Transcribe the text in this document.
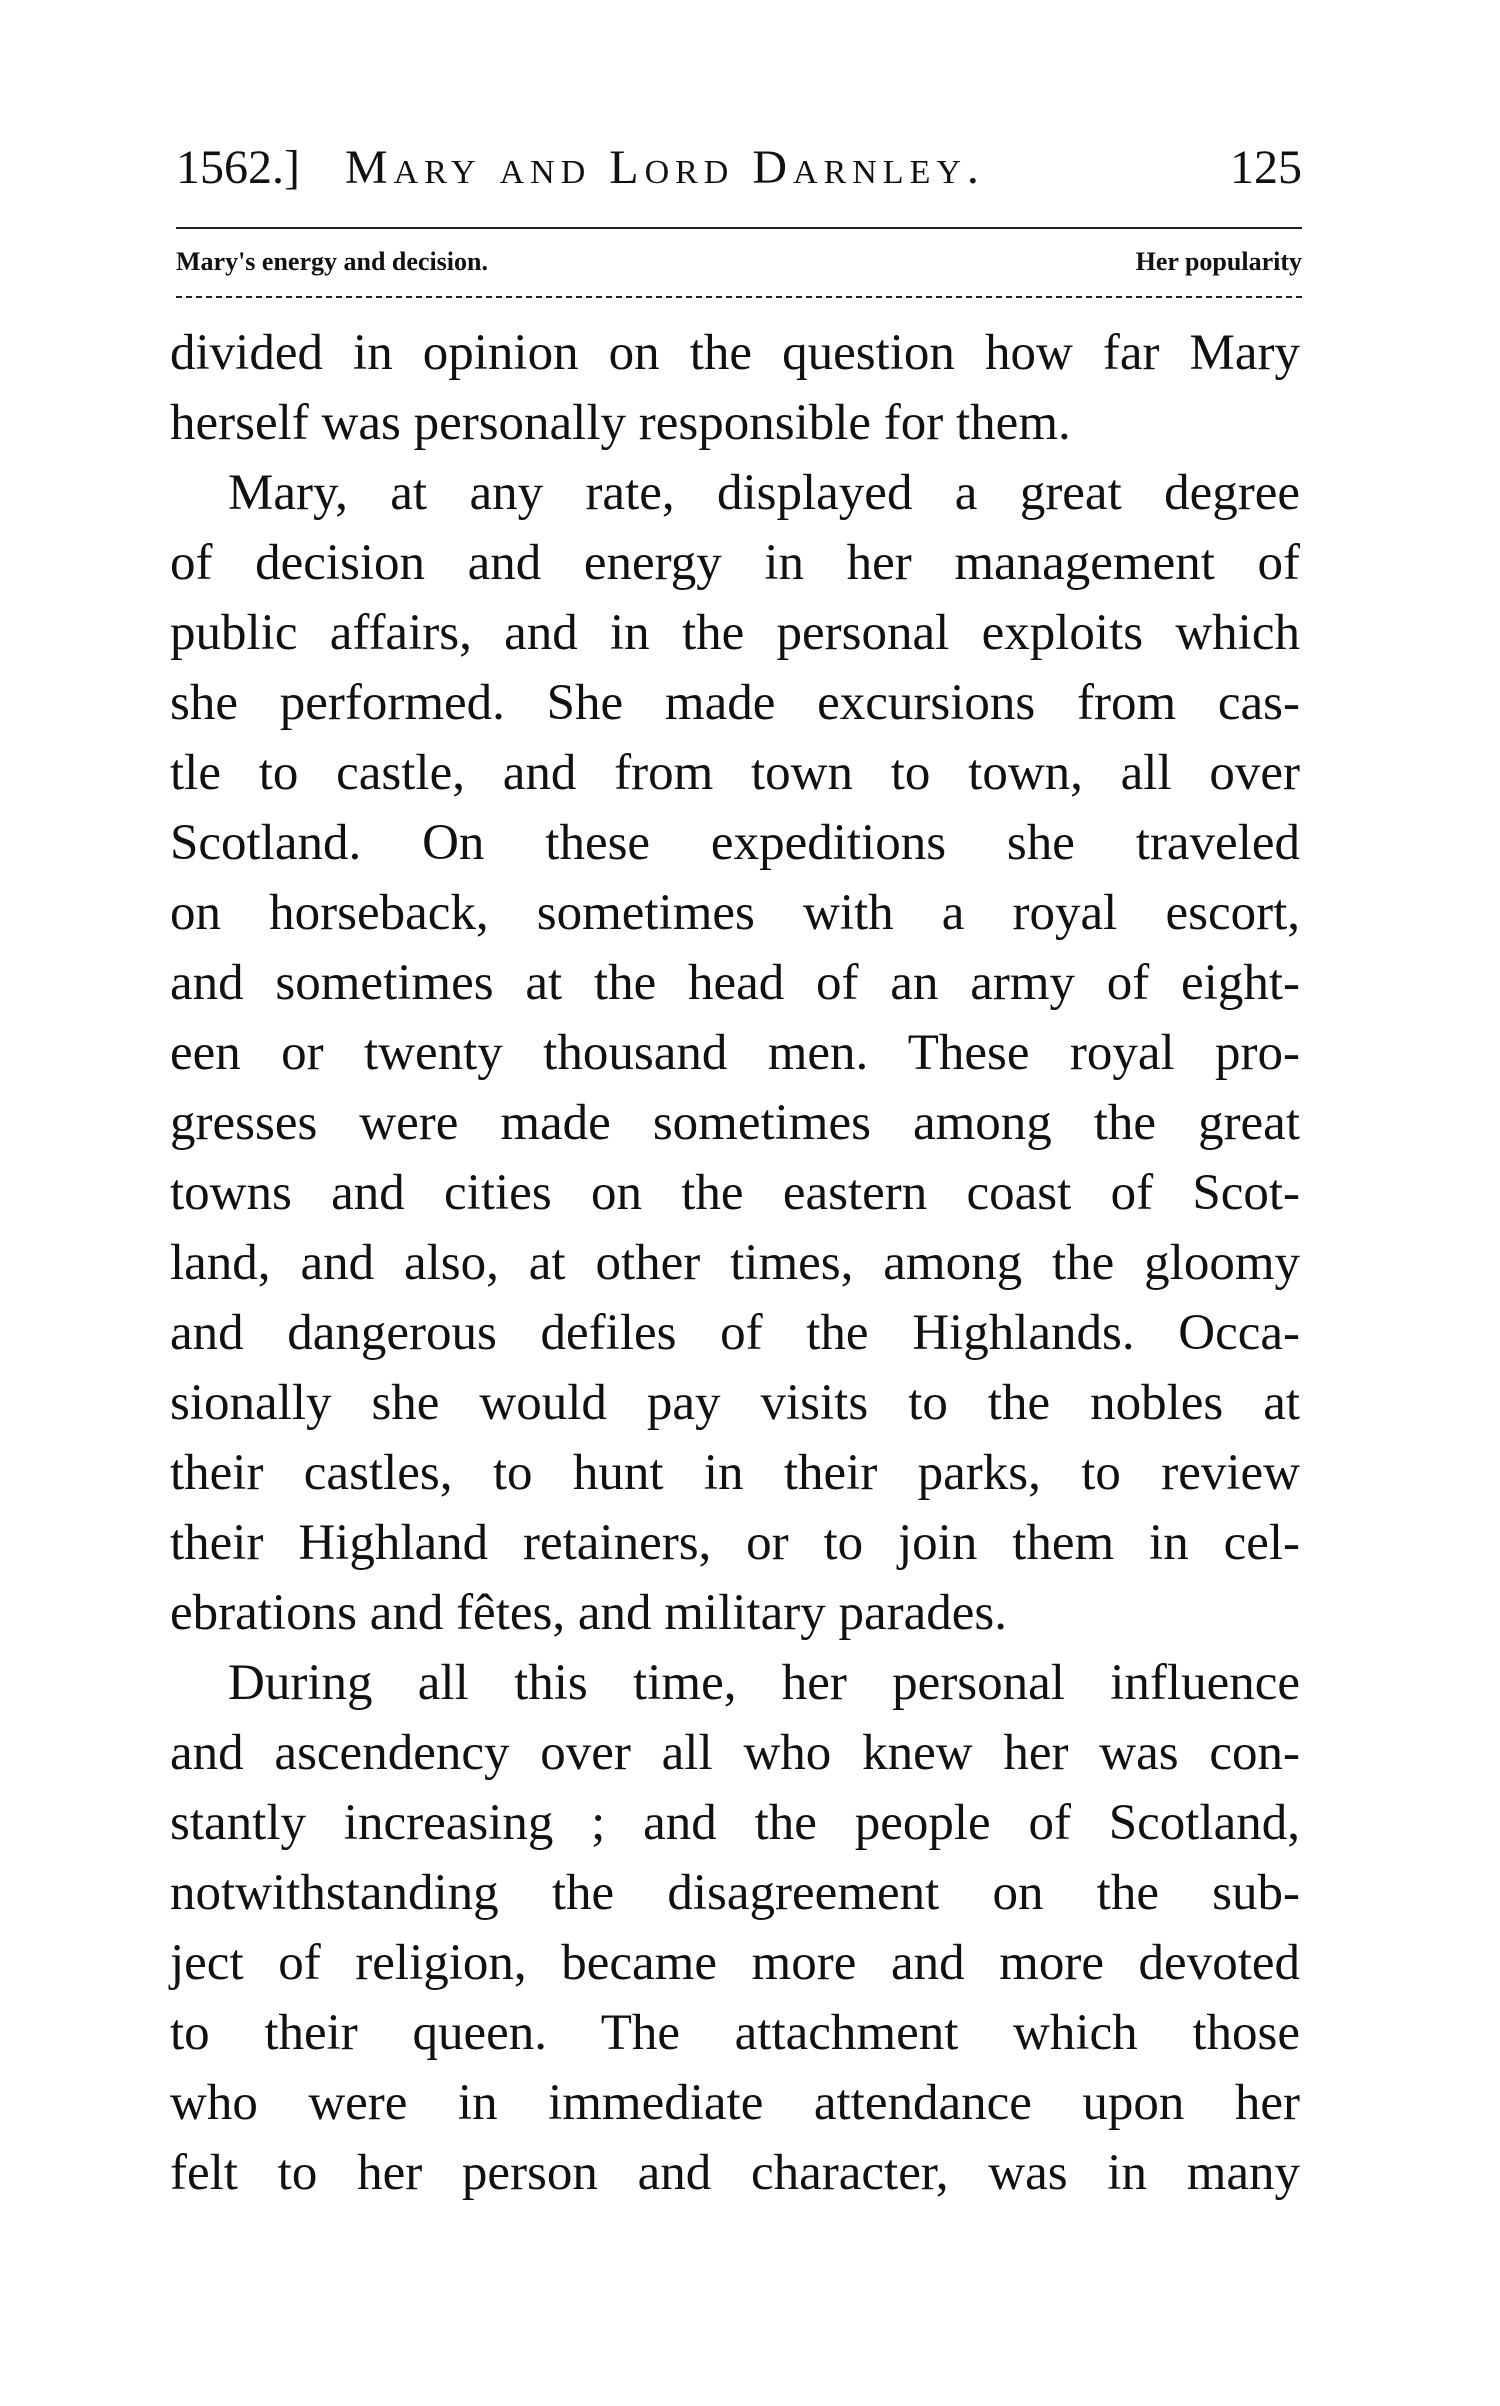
1562.] Mary and Lord Darnley.	125
Mary's energy and decision.	Her popularity
divided in opinion on the question how far Mary
herself was personally responsible for them.
Mary, at any rate, displayed a great degree
of decision and energy in her management of
public affairs, and in the personal exploits which
she performed. She made excursions from cas-
tle to castle, and from town to town, all over
Scotland. On these expeditions she traveled
on horseback, sometimes with a royal escort,
and sometimes at the head of an army of eight-
een or twenty thousand men. These royal pro-
gresses were made sometimes among the great
towns and cities on the eastern coast of Scot-
land, and also, at other times, among the gloomy
and dangerous defiles of the Highlands. Occa-
sionally she would pay visits to the nobles at
their castles, to hunt in their parks, to review
their Highland retainers, or to join them in cel-
ebrations and fêtes, and military parades.
During all this time, her personal influence
and ascendency over all who knew her was con-
stantly increasing ; and the people of Scotland,
notwithstanding the disagreement on the sub-
ject of religion, became more and more devoted
to their queen. The attachment which those
who were in immediate attendance upon her
felt to her person and character, was in many
